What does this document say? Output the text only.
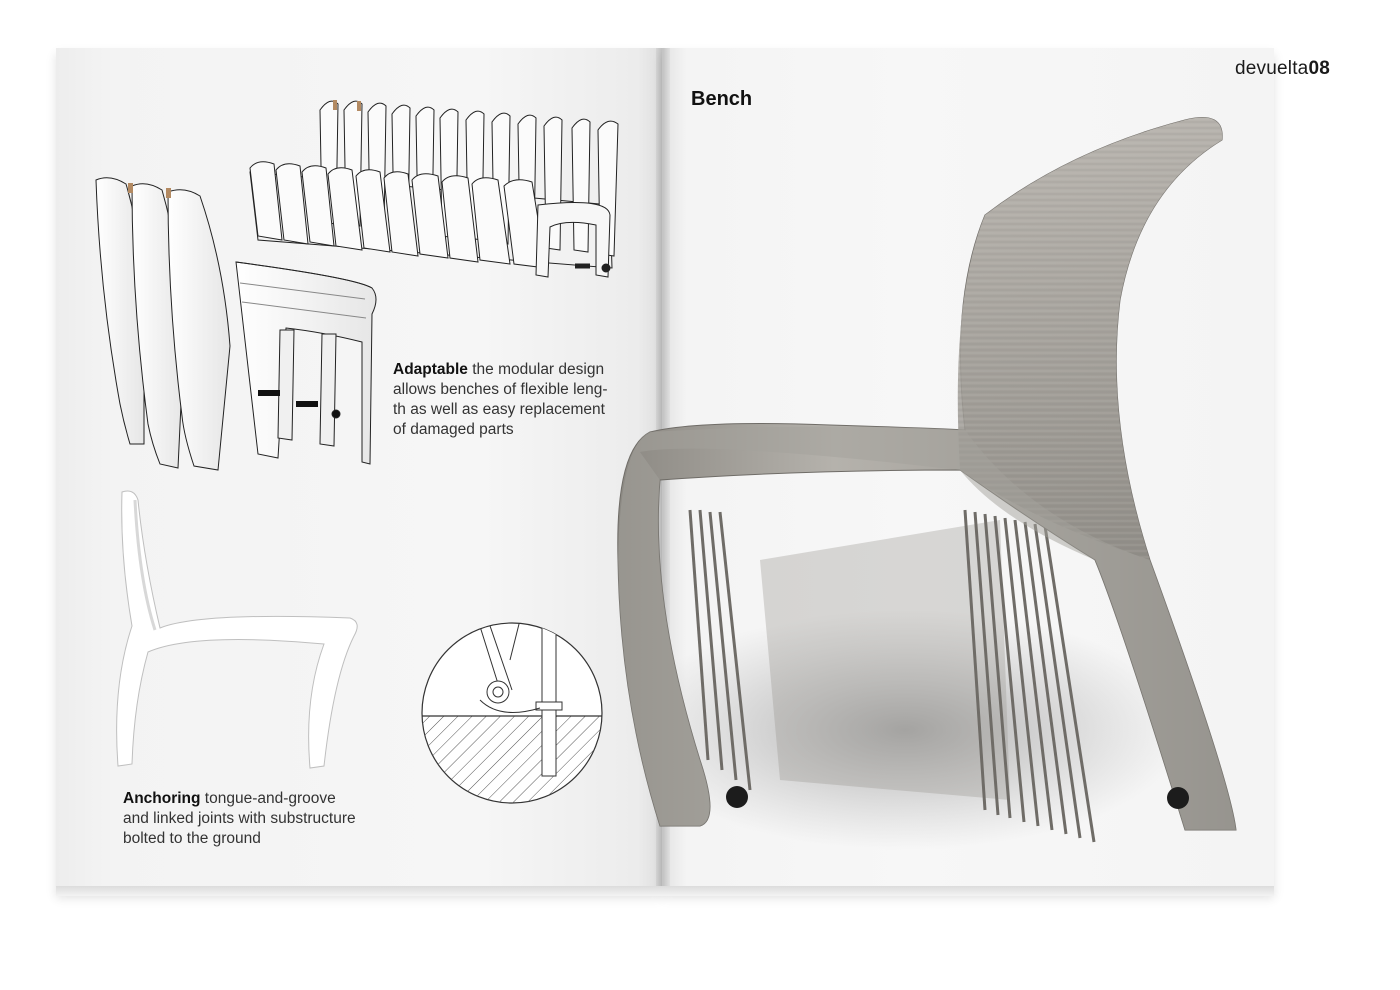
devuelta08
Bench
Adaptable the modular design
allows benches of flexible leng-
th as well as easy replacement
of damaged parts
Anchoring tongue-and-groove
and linked joints with substructure
bolted to the ground
